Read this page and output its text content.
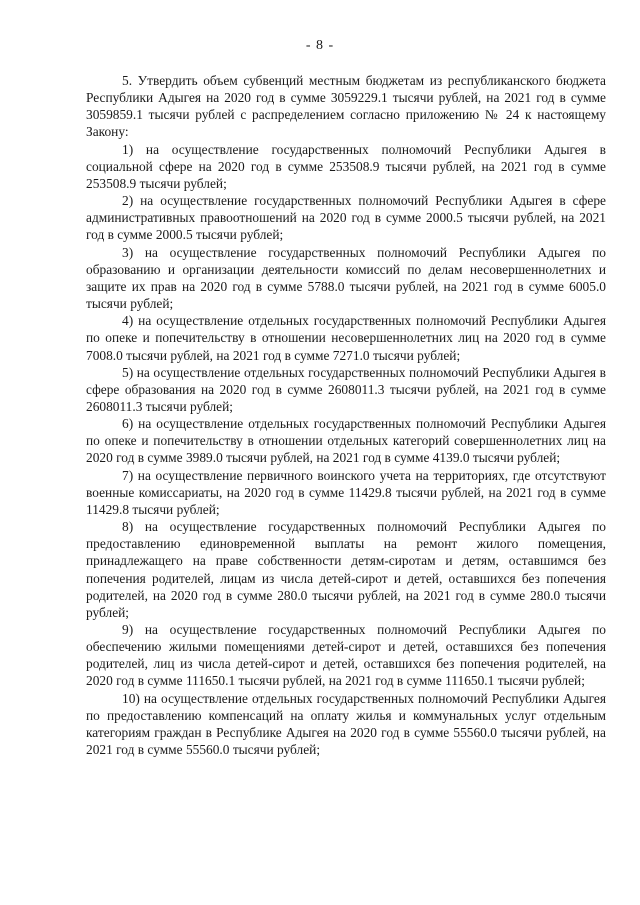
- 8 -

5. Утвердить объем субвенций местным бюджетам из республиканского бюджета Республики Адыгея на 2020 год в сумме 3059229.1 тысячи рублей, на 2021 год в сумме 3059859.1 тысячи рублей с распределением согласно приложению № 24 к настоящему Закону:

1) на осуществление государственных полномочий Республики Адыгея в социальной сфере на 2020 год в сумме 253508.9 тысячи рублей, на 2021 год в сумме 253508.9 тысячи рублей;

2) на осуществление государственных полномочий Республики Адыгея в сфере административных правоотношений на 2020 год в сумме 2000.5 тысячи рублей, на 2021 год в сумме 2000.5 тысячи рублей;

3) на осуществление государственных полномочий Республики Адыгея по образованию и организации деятельности комиссий по делам несовершеннолетних и защите их прав на 2020 год в сумме 5788.0 тысячи рублей, на 2021 год в сумме 6005.0 тысячи рублей;

4) на осуществление отдельных государственных полномочий Республики Адыгея по опеке и попечительству в отношении несовершеннолетних лиц на 2020 год в сумме 7008.0 тысячи рублей, на 2021 год в сумме 7271.0 тысячи рублей;

5) на осуществление отдельных государственных полномочий Республики Адыгея в сфере образования на 2020 год в сумме 2608011.3 тысячи рублей, на 2021 год в сумме 2608011.3 тысячи рублей;

6) на осуществление отдельных государственных полномочий Республики Адыгея по опеке и попечительству в отношении отдельных категорий совершеннолетних лиц на 2020 год в сумме 3989.0 тысячи рублей, на 2021 год в сумме 4139.0 тысячи рублей;

7) на осуществление первичного воинского учета на территориях, где отсутствуют военные комиссариаты, на 2020 год в сумме 11429.8 тысячи рублей, на 2021 год в сумме 11429.8 тысячи рублей;

8) на осуществление государственных полномочий Республики Адыгея по предоставлению единовременной выплаты на ремонт жилого помещения, принадлежащего на праве собственности детям-сиротам и детям, оставшимся без попечения родителей, лицам из числа детей-сирот и детей, оставшихся без попечения родителей, на 2020 год в сумме 280.0 тысячи рублей, на 2021 год в сумме 280.0 тысячи рублей;

9) на осуществление государственных полномочий Республики Адыгея по обеспечению жилыми помещениями детей-сирот и детей, оставшихся без попечения родителей, лиц из числа детей-сирот и детей, оставшихся без попечения родителей, на 2020 год в сумме 111650.1 тысячи рублей, на 2021 год в сумме 111650.1 тысячи рублей;

10) на осуществление отдельных государственных полномочий Республики Адыгея по предоставлению компенсаций на оплату жилья и коммунальных услуг отдельным категориям граждан в Республике Адыгея на 2020 год в сумме 55560.0 тысячи рублей, на 2021 год в сумме 55560.0 тысячи рублей;
